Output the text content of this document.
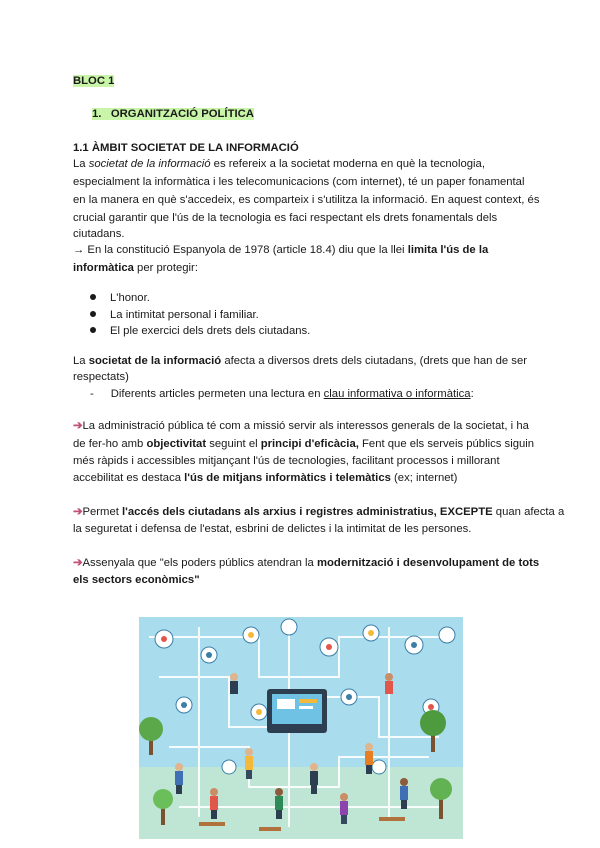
BLOC 1
1. ORGANITZACIÓ POLÍTICA
1.1 ÀMBIT SOCIETAT DE LA INFORMACIÓ
La societat de la informació es refereix a la societat moderna en què la tecnologia,
especialment la informàtica i les telecomunicacions (com internet), té un paper fonamental
en la manera en què s'accedeix, es comparteix i s'utilitza la informació. En aquest context, és
crucial garantir que l'ús de la tecnologia es faci respectant els drets fonamentals dels
ciutadans.
→ En la constitució Espanyola de 1978 (article 18.4) diu que la llei limita l'ús de la
informàtica per protegir:
L'honor.
La intimitat personal i familiar.
El ple exercici dels drets dels ciutadans.
La societat de la informació afecta a diversos drets dels ciutadans, (drets que han de ser
respectats)
- Diferents articles permeten una lectura en clau informativa o informàtica:
➔La administració pública té com a missió servir als interessos generals de la societat, i ha
de fer-ho amb objectivitat seguint el principi d'eficàcia, Fent que els serveis públics siguin
més ràpids i accessibles mitjançant l'ús de tecnologies, facilitant processos i millorant
accebilitat es destaca l'ús de mitjans informàtics i telemàtics (ex; internet)
➔Permet l'accés dels ciutadans als arxius i registres administratius, EXCEPTE quan afecta a
la seguretat i defensa de l'estat, esbrini de delictes i la intimitat de les persones.
➔Assenyala que "els poders públics atendran la modernització i desenvolupament de tots
els sectors econòmics"
